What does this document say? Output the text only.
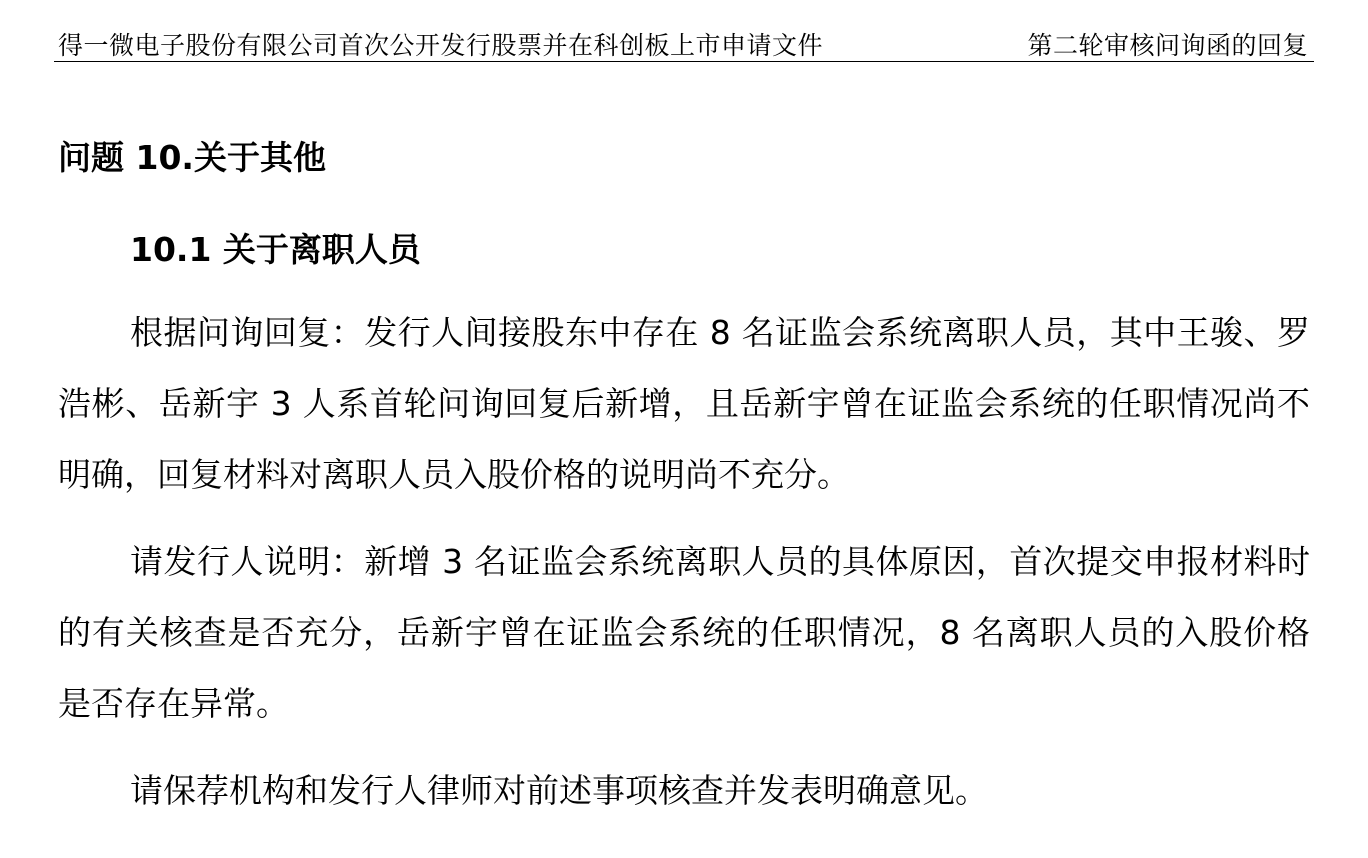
得一微电子股份有限公司首次公开发行股票并在科创板上市申请文件	第二轮审核问询函的回复
问题 10.关于其他
10.1 关于离职人员

根据问询回复：发行人间接股东中存在 8 名证监会系统离职人员，其中王骏、罗浩彬、岳新宇 3 人系首轮问询回复后新增，且岳新宇曾在证监会系统的任职情况尚不明确，回复材料对离职人员入股价格的说明尚不充分。

请发行人说明：新增 3 名证监会系统离职人员的具体原因，首次提交申报材料时的有关核查是否充分，岳新宇曾在证监会系统的任职情况，8 名离职人员的入股价格是否存在异常。

请保荐机构和发行人律师对前述事项核查并发表明确意见。
